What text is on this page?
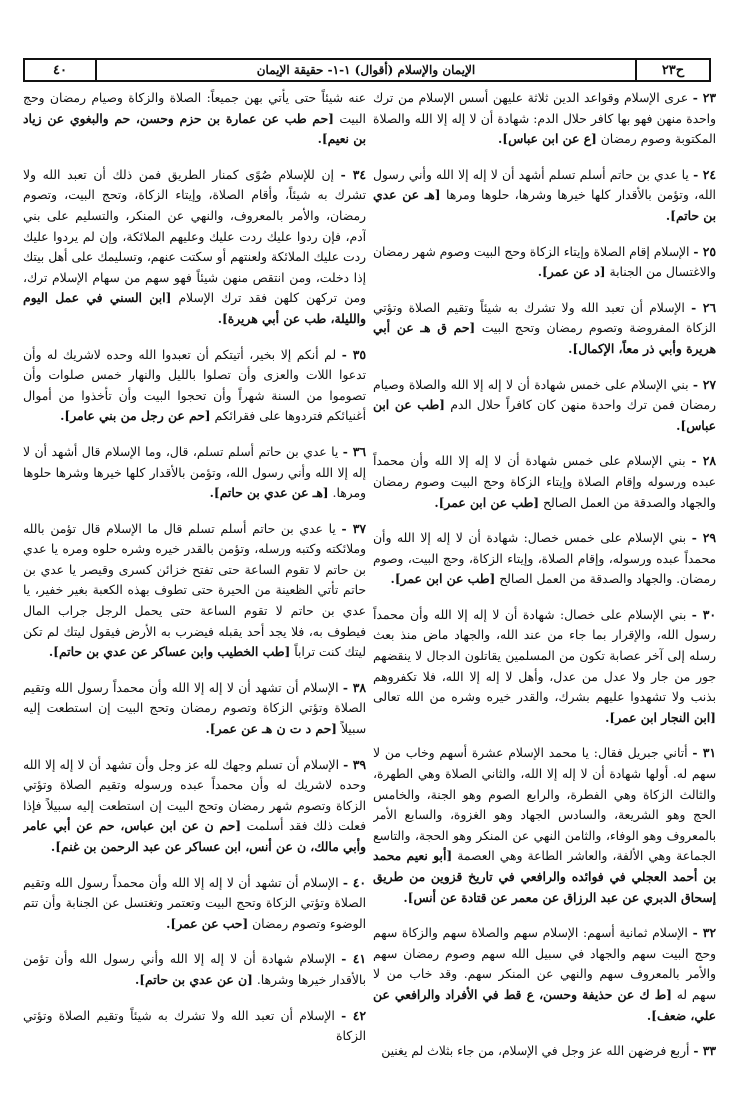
ح٢٣
الإيمان والإسلام (أقوال) ١-١- حقيقة الإيمان
٤٠

٢٣ - عرى الإسلام وقواعد الدين ثلاثة عليهن أسس الإسلام من ترك واحدة منهن فهو بها كافر حلال الدم: شهادة أن لا إله إلا الله والصلاة المكتوبة وصوم رمضان [ع عن ابن عباس].

٢٤ - يا عدي بن حاتم أسلم تسلم أشهد أن لا إله إلا الله وأني رسول الله، وتؤمن بالأقدار كلها خيرها وشرها، حلوها ومرها [هـ عن عدي بن حاتم].

٢٥ - الإسلام إقام الصلاة وإيتاء الزكاة وحج البيت وصوم شهر رمضان والاغتسال من الجنابة [د عن عمر].

٢٦ - الإسلام أن تعبد الله ولا تشرك به شيئاً وتقيم الصلاة وتؤتي الزكاة المفروضة وتصوم رمضان وتحج البيت [حم ق هـ عن أبي هريرة وأبي ذر معاً، الإكمال].

٢٧ - بني الإسلام على خمس شهادة أن لا إله إلا الله والصلاة وصيام رمضان فمن ترك واحدة منهن كان كافراً حلال الدم [طب عن ابن عباس].

٢٨ - بني الإسلام على خمس شهادة أن لا إله إلا الله وأن محمداً عبده ورسوله وإقام الصلاة وإيتاء الزكاة وحج البيت وصوم رمضان والجهاد والصدقة من العمل الصالح [طب عن ابن عمر].

٢٩ - بني الإسلام على خمس خصال: شهادة أن لا إله إلا الله وأن محمداً عبده ورسوله، وإقام الصلاة، وإيتاء الزكاة، وحج البيت، وصوم رمضان. والجهاد والصدقة من العمل الصالح [طب عن ابن عمر].

٣٠ - بني الإسلام على خصال: شهادة أن لا إله إلا الله وأن محمداً رسول الله، والإقرار بما جاء من عند الله، والجهاد ماض منذ بعث رسله إلى آخر عصابة تكون من المسلمين يقاتلون الدجال لا ينقضهم جور من جار ولا عدل من عدل، وأهل لا إله إلا الله، فلا تكفروهم بذنب ولا تشهدوا عليهم بشرك، والقدر خيره وشره من الله تعالى [ابن النجار ابن عمر].

٣١ - أتاني جبريل فقال: يا محمد الإسلام عشرة أسهم وخاب من لا سهم له. أولها شهادة أن لا إله إلا الله، والثاني الصلاة وهي الطهرة، والثالث الزكاة وهي الفطرة، والرابع الصوم وهو الجنة، والخامس الحج وهو الشريعة، والسادس الجهاد وهو الغزوة، والسابع الأمر بالمعروف وهو الوفاء، والثامن النهي عن المنكر وهو الحجة، والتاسع الجماعة وهي الألفة، والعاشر الطاعة وهي العصمة [أبو نعيم محمد بن أحمد العجلي في فوائده والرافعي في تاريخ قزوين من طريق إسحاق الدبري عن عبد الرزاق عن معمر عن قتادة عن أنس].

٣٢ - الإسلام ثمانية أسهم: الإسلام سهم والصلاة سهم والزكاة سهم وحج البيت سهم والجهاد في سبيل الله سهم وصوم رمضان سهم والأمر بالمعروف سهم والنهي عن المنكر سهم. وقد خاب من لا سهم له [ط ك عن حذيفة وحسن، ع قط في الأفراد والرافعي عن علي، ضعف].

٣٣ - أربع فرضهن الله عز وجل في الإسلام، من جاء بثلاث لم يغنين

عنه شيئاً حتى يأتي بهن جميعاً: الصلاة والزكاة وصيام رمضان وحج البيت [حم طب عن عمارة بن حزم وحسن، حم والبغوي عن زياد بن نعيم].

٣٤ - إن للإسلام صُوًى كمنار الطريق فمن ذلك أن تعبد الله ولا تشرك به شيئاً، وأقام الصلاة، وإيتاء الزكاة، وتحج البيت، وتصوم رمضان، والأمر بالمعروف، والنهي عن المنكر، والتسليم على بني آدم، فإن ردوا عليك ردت عليك وعليهم الملائكة، وإن لم يردوا عليك ردت عليك الملائكة ولعنتهم أو سكتت عنهم، وتسليمك على أهل بيتك إذا دخلت، ومن انتقص منهن شيئاً فهو سهم من سهام الإسلام ترك، ومن تركهن كلهن فقد ترك الإسلام [ابن السني في عمل اليوم والليلة، طب عن أبي هريرة].

٣٥ - لم أنكم إلا بخير، أتيتكم أن تعبدوا الله وحده لاشريك له وأن تدعوا اللات والعزى وأن تصلوا بالليل والنهار خمس صلوات وأن تصوموا من السنة شهراً وأن تحجوا البيت وأن تأخذوا من أموال أغنيائكم فتردوها على فقرائكم [حم عن رجل من بني عامر].

٣٦ - يا عدي بن حاتم أسلم تسلم، قال، وما الإسلام قال أشهد أن لا إله إلا الله وأني رسول الله، وتؤمن بالأقدار كلها خيرها وشرها حلوها ومرها. [هـ عن عدي بن حاتم].

٣٧ - يا عدي بن حاتم أسلم تسلم قال ما الإسلام قال تؤمن بالله وملائكته وكتبه ورسله، وتؤمن بالقدر خيره وشره حلوه ومره يا عدي بن حاتم لا تقوم الساعة حتى تفتح خزائن كسرى وقيصر يا عدي بن حاتم تأتي الظعينة من الحيرة حتى تطوف بهذه الكعبة بغير خفير، يا عدي بن حاتم لا تقوم الساعة حتى يحمل الرجل جراب المال فيطوف به، فلا يجد أحد يقبله فيضرب به الأرض فيقول ليتك لم تكن ليتك كنت تراباً [طب الخطيب وابن عساكر عن عدي بن حاتم].

٣٨ - الإسلام أن تشهد أن لا إله إلا الله وأن محمداً رسول الله وتقيم الصلاة وتؤتي الزكاة وتصوم رمضان وتحج البيت إن استطعت إليه سبيلاً [حم د ت ن هـ عن عمر].

٣٩ - الإسلام أن تسلم وجهك لله عز وجل وأن تشهد أن لا إله إلا الله وحده لاشريك له وأن محمداً عبده ورسوله وتقيم الصلاة وتؤتي الزكاة وتصوم شهر رمضان وتحج البيت إن استطعت إليه سبيلاً فإذا فعلت ذلك فقد أسلمت [حم ن عن ابن عباس، حم عن أبي عامر وأبي مالك، ن عن أنس، ابن عساكر عن عبد الرحمن بن غنم].

٤٠ - الإسلام أن تشهد أن لا إله إلا الله وأن محمداً رسول الله وتقيم الصلاة وتؤتي الزكاة وتحج البيت وتعتمر وتغتسل عن الجنابة وأن تتم الوضوء وتصوم رمضان [حب عن عمر].

٤١ - الإسلام شهادة أن لا إله إلا الله وأني رسول الله وأن تؤمن بالأقدار خيرها وشرها. [ن عن عدي بن حاتم].

٤٢ - الإسلام أن تعبد الله ولا تشرك به شيئاً وتقيم الصلاة وتؤتي الزكاة
